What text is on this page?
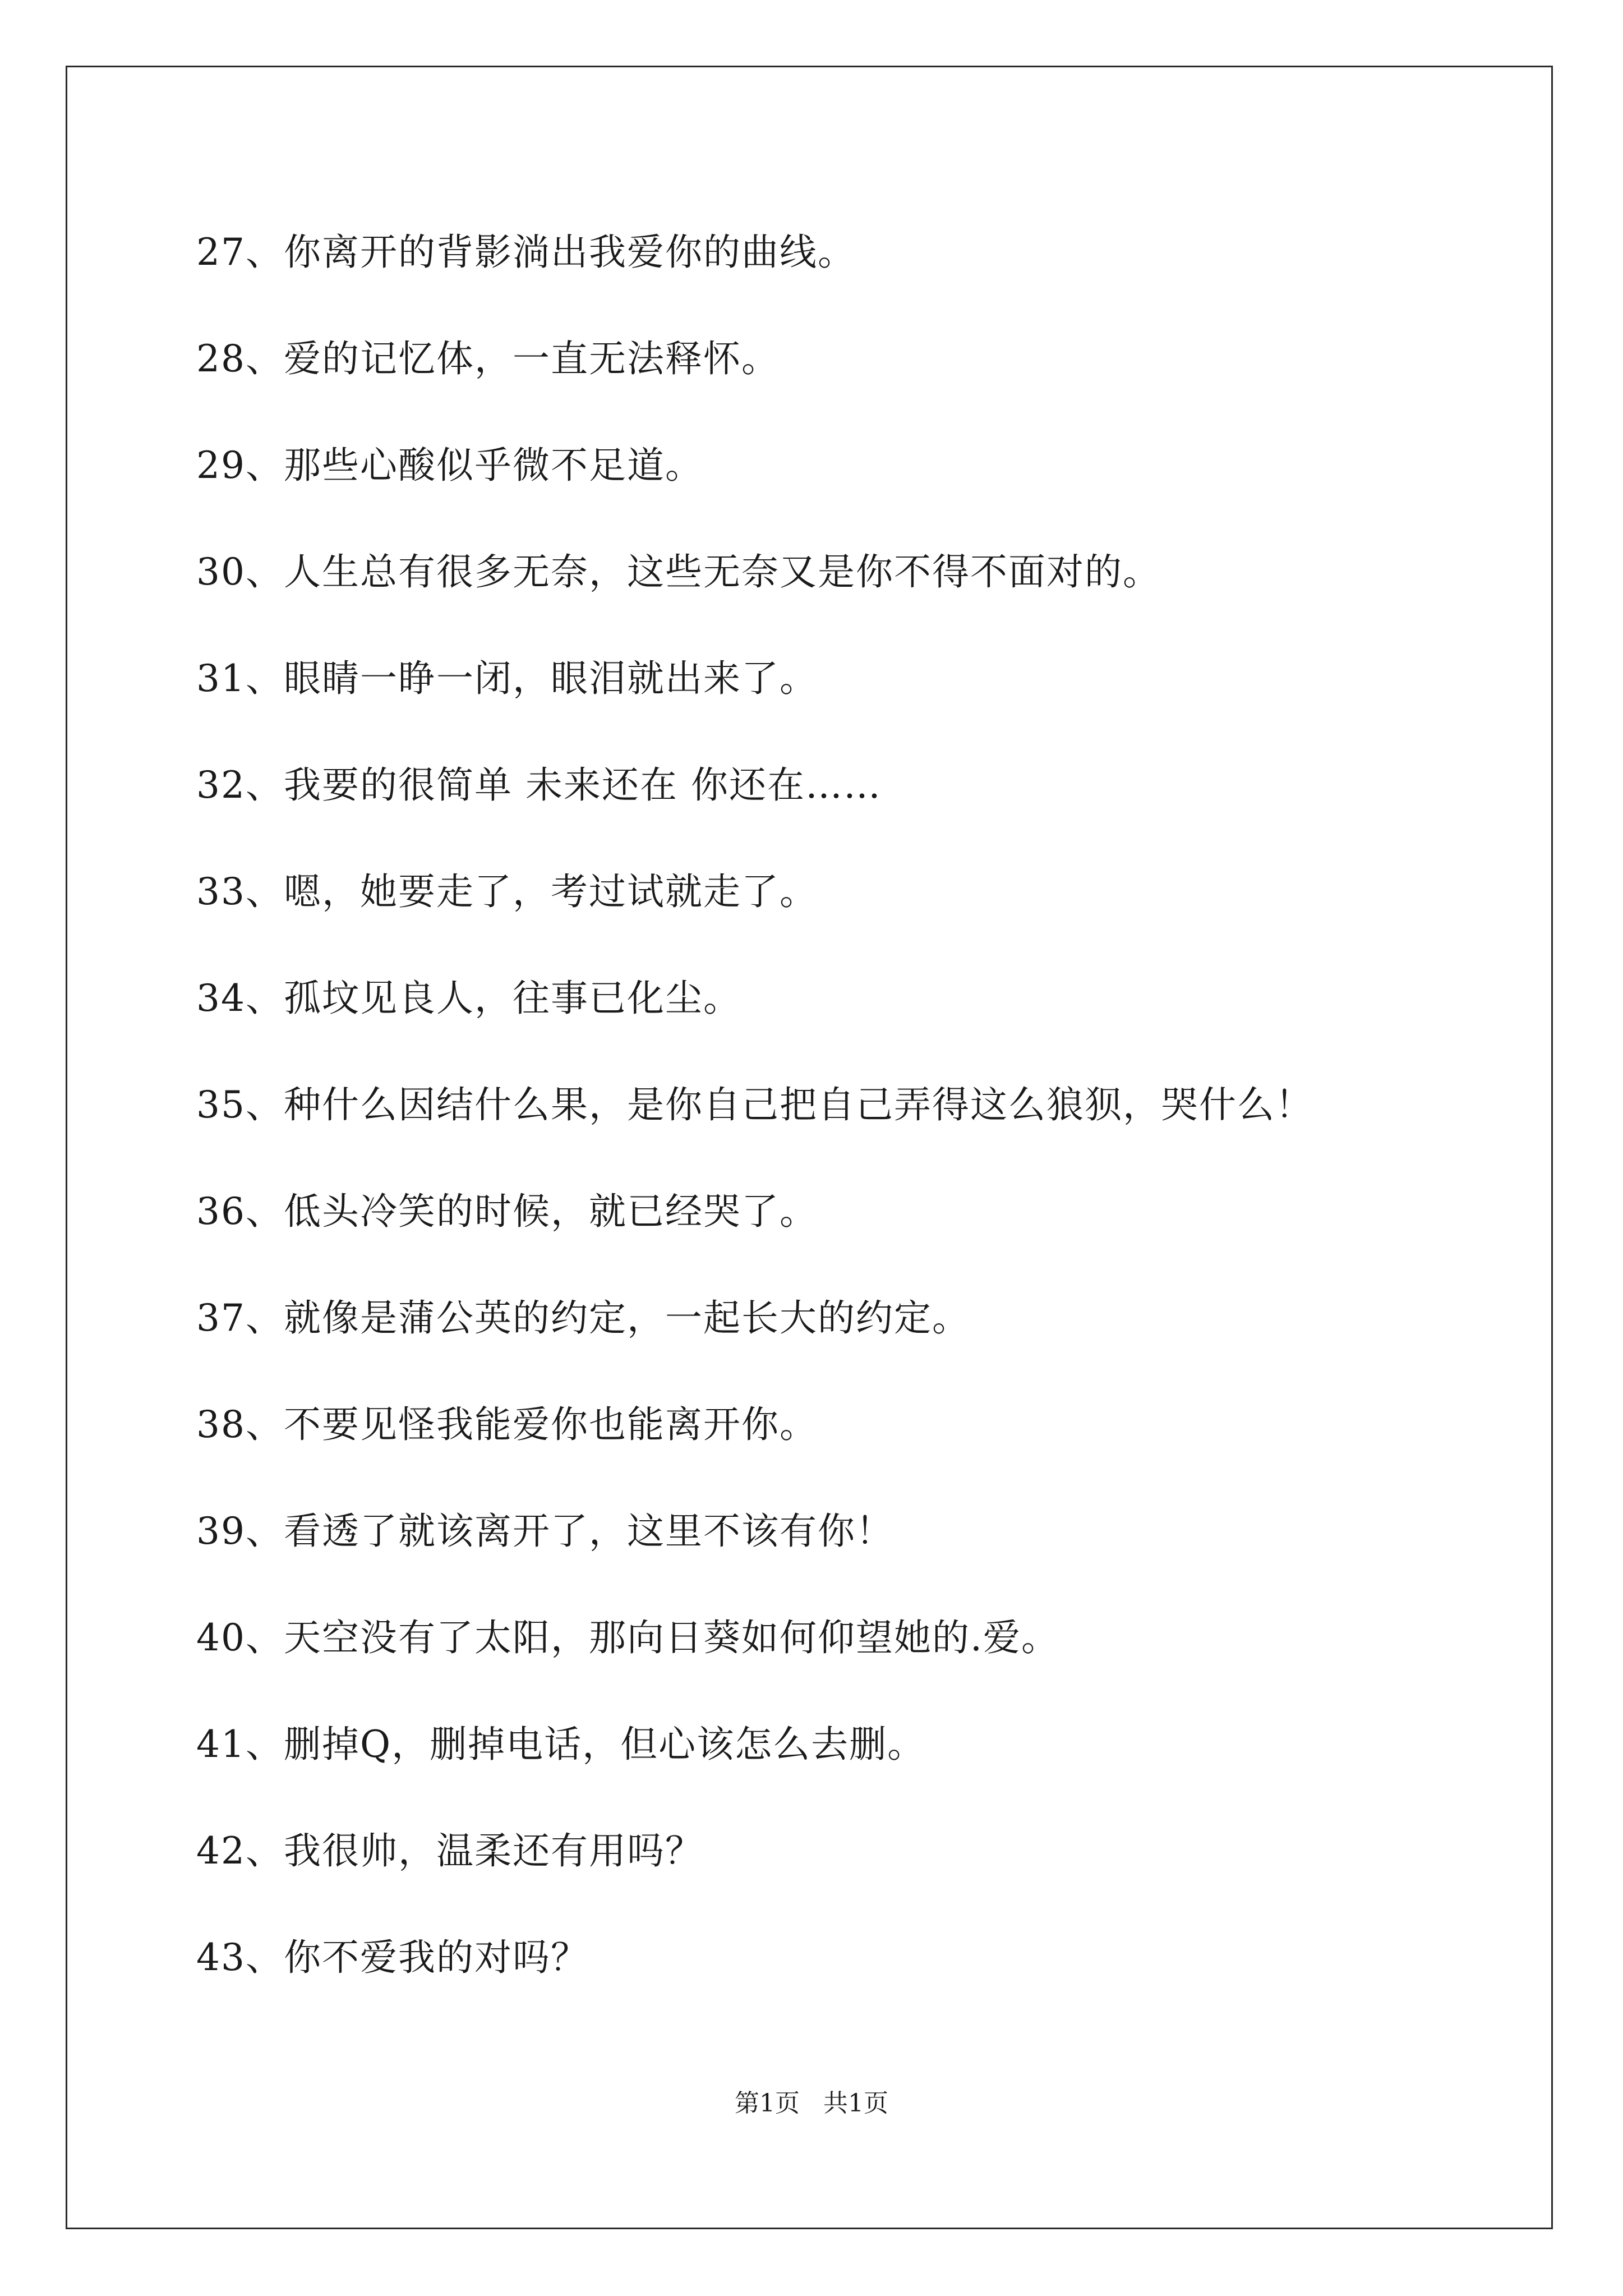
27、你离开的背影淌出我爱你的曲线。
28、爱的记忆体，一直无法释怀。
29、那些心酸似乎微不足道。
30、人生总有很多无奈，这些无奈又是你不得不面对的。
31、眼睛一睁一闭，眼泪就出来了。
32、我要的很简单 未来还在 你还在……
33、嗯，她要走了，考过试就走了。
34、孤坟见良人，往事已化尘。
35、种什么因结什么果，是你自己把自己弄得这么狼狈，哭什么！
36、低头冷笑的时候，就已经哭了。
37、就像是蒲公英的约定，一起长大的约定。
38、不要见怪我能爱你也能离开你。
39、看透了就该离开了，这里不该有你！
40、天空没有了太阳，那向日葵如何仰望她的.爱。
41、删掉Q，删掉电话，但心该怎么去删。
42、我很帅，温柔还有用吗？
43、你不爱我的对吗？
第1页   共1页
